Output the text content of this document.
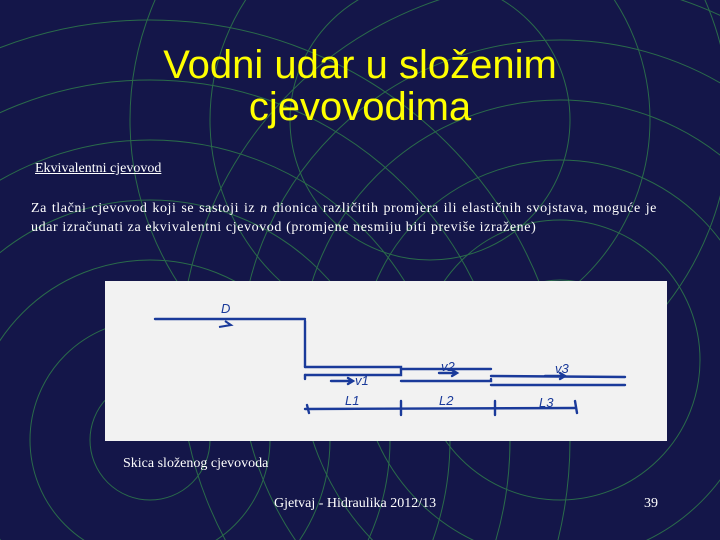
Vodni udar u složenim cjevovodima
Ekvivalentni cjevovod
Za tlačni cjevovod koji se sastoji iz n dionica različitih promjera ili elastičnih svojstava, moguće je udar izračunati za ekvivalentni cjevovod (promjene nesmiju biti previše izražene)
D
v1
v2	v3
L1	L2	L3
Skica složenog cjevovoda
Gjetvaj - Hidraulika 2012/13	39
